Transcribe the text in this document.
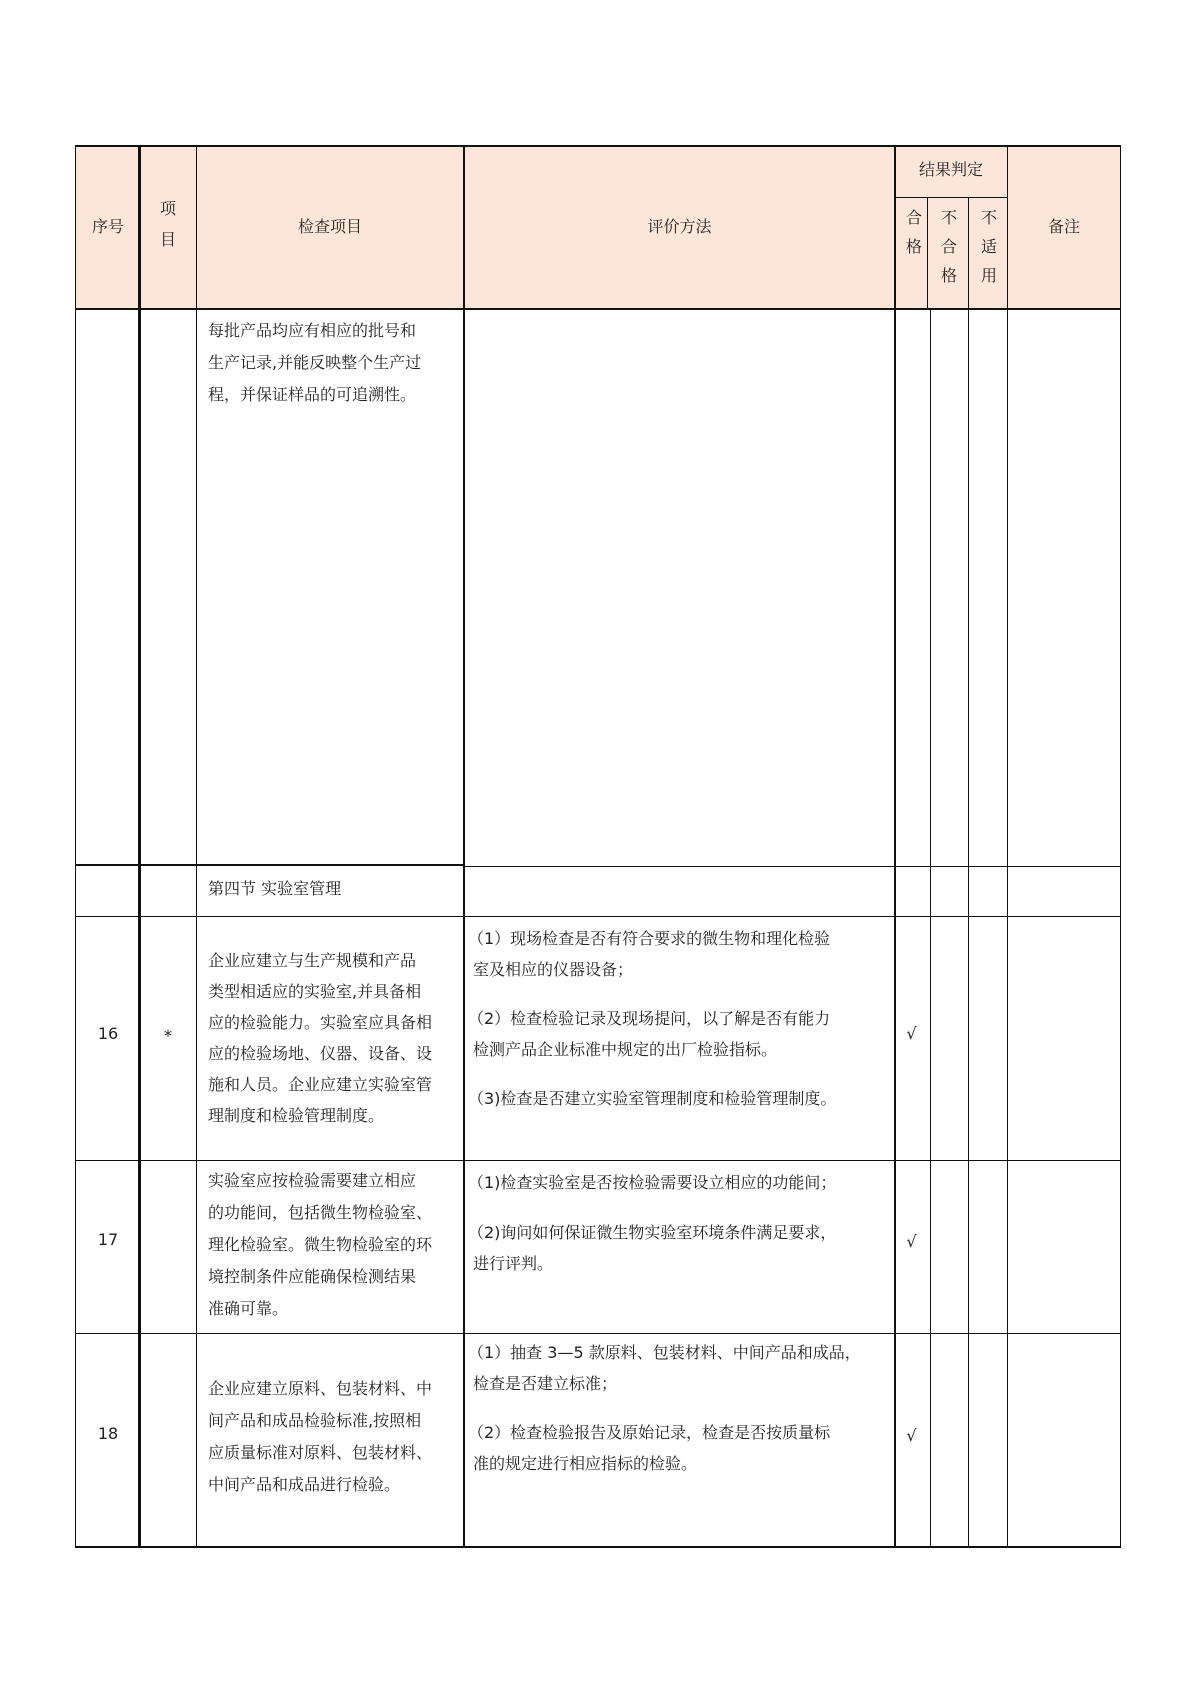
序号
项
目
检查项目	评价方法
结果判定
合
格
不
合
格
不
适
用
备注
每批产品均应有相应的批号和
生产记录,并能反映整个生产过
程，并保证样品的可追溯性。
第四节 实验室管理
16	*
企业应建立与生产规模和产品
类型相适应的实验室,并具备相
应的检验能力。实验室应具备相
应的检验场地、仪器、设备、设
施和人员。企业应建立实验室管
理制度和检验管理制度。
（1）现场检查是否有符合要求的微生物和理化检验
室及相应的仪器设备；
（2）检查检验记录及现场提问，以了解是否有能力
检测产品企业标准中规定的出厂检验指标。
（3)检查是否建立实验室管理制度和检验管理制度。
√
17
实验室应按检验需要建立相应
的功能间，包括微生物检验室、
理化检验室。微生物检验室的环
境控制条件应能确保检测结果
准确可靠。
（1)检查实验室是否按检验需要设立相应的功能间；
（2)询问如何保证微生物实验室环境条件满足要求，
进行评判。
√
18
企业应建立原料、包装材料、中
间产品和成品检验标准,按照相
应质量标准对原料、包装材料、
中间产品和成品进行检验。
（1）抽查 3—5 款原料、包装材料、中间产品和成品，
检查是否建立标准；
（2）检查检验报告及原始记录，检查是否按质量标
准的规定进行相应指标的检验。
√
